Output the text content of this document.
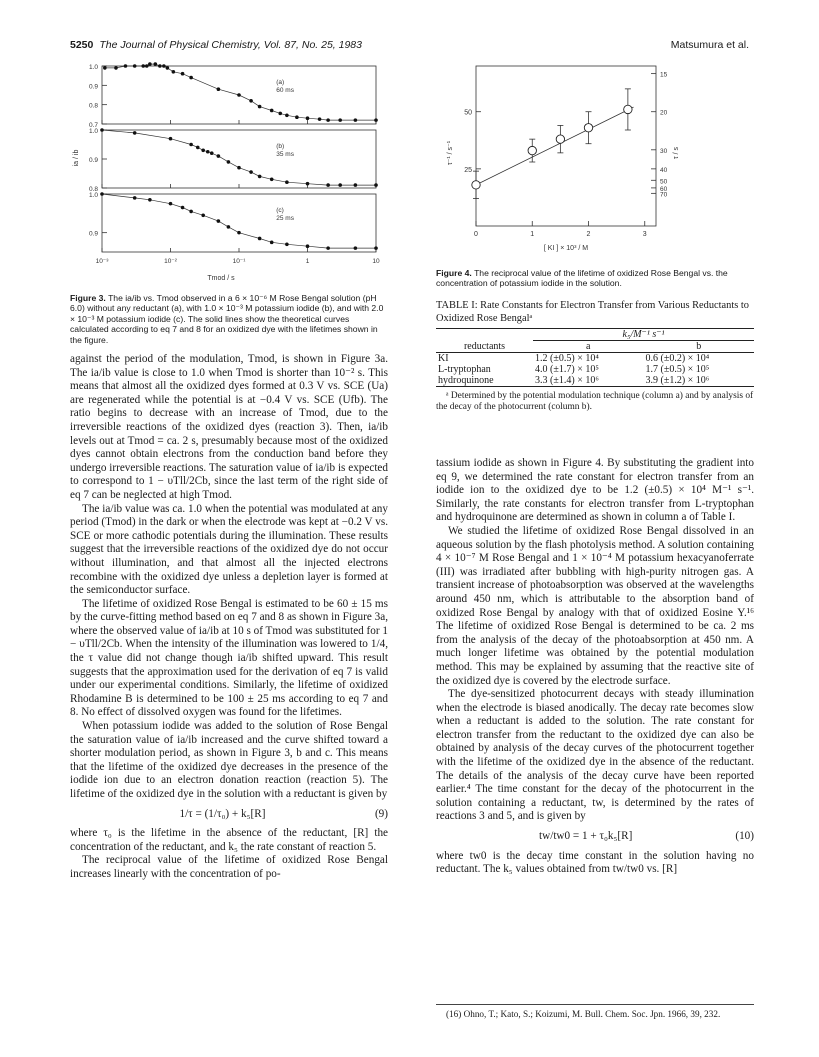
5250 The Journal of Physical Chemistry, Vol. 87, No. 25, 1983	Matsumura et al.
1.0
0.9
0.8
0.7
(a)
60 ms
1.0
0.9
0.8
(b)
35 ms
1.0
0.9
(c)
25 ms
10⁻³	10⁻²	10⁻¹	1	10
Tmod / s
ia / ib
0	1	2	3
25
50
15
20
30
40
50
60
70
[ KI ] × 10³ / M
τ⁻¹ / s⁻¹	τ / s
Figure 3. The ia/ib vs. Tmod observed in a 6 × 10⁻⁶ M Rose Bengal solution (pH 6.0) without any reductant (a), with 1.0 × 10⁻³ M potassium iodide (b), and with 2.0 × 10⁻³ M potassium iodide (c). The solid lines show the theoretical curves calculated according to eq 7 and 8 for an oxidized dye with the lifetimes shown in the figure.
Figure 4. The reciprocal value of the lifetime of oxidized Rose Bengal vs. the concentration of potassium iodide in the solution.
TABLE I: Rate Constants for Electron Transfer from Various Reductants to Oxidized Rose Bengalᵃ
	k₅/M⁻¹ s⁻¹	
reductants	a	b
KI	1.2 (±0.5) × 10⁴	0.6 (±0.2) × 10⁴
L-tryptophan	4.0 (±1.7) × 10⁵	1.7 (±0.5) × 10⁵
hydroquinone	3.3 (±1.4) × 10⁶	3.9 (±1.2) × 10⁶
ᵃ Determined by the potential modulation technique (column a) and by analysis of the decay of the photocurrent (column b).

against the period of the modulation, Tmod, is shown in Figure 3a. The ia/ib value is close to 1.0 when Tmod is shorter than 10⁻² s. This means that almost all the oxidized dyes formed at 0.3 V vs. SCE (Ua) are regenerated while the potential is at −0.4 V vs. SCE (Ufb). The ratio begins to decrease with an increase of Tmod, due to the irreversible reactions of the oxidized dyes (reaction 3). Then, ia/ib levels out at Tmod = ca. 2 s, presumably because most of the oxidized dyes cannot obtain electrons from the conduction band before they undergo irreversible reactions. The saturation value of ia/ib is expected to correspond to 1 − υTll/2Cb, since the last term of the right side of eq 7 can be neglected at high Tmod.

The ia/ib value was ca. 1.0 when the potential was modulated at any period (Tmod) in the dark or when the electrode was kept at −0.2 V vs. SCE or more cathodic potentials during the illumination. These results suggest that the irreversible reactions of the oxidized dye do not occur without illumination, and that almost all the injected electrons recombine with the oxidized dye unless a depletion layer is formed at the semiconductor surface.

The lifetime of oxidized Rose Bengal is estimated to be 60 ± 15 ms by the curve-fitting method based on eq 7 and 8 as shown in Figure 3a, where the observed value of ia/ib at 10 s of Tmod was substituted for 1 − υTll/2Cb. When the intensity of the illumination was lowered to 1/4, the τ value did not change though ia/ib shifted upward. This result suggests that the approximation used for the derivation of eq 7 is valid under our experimental conditions. Similarly, the lifetime of oxidized Rhodamine B is determined to be 100 ± 25 ms according to eq 7 and 8. No effect of dissolved oxygen was found for the lifetimes.

When potassium iodide was added to the solution of Rose Bengal the saturation value of ia/ib increased and the curve shifted toward a shorter modulation period, as shown in Figure 3, b and c. This means that the lifetime of the oxidized dye decreases in the presence of the iodide ion due to an electron donation reaction (reaction 5). The lifetime of the oxidized dye in the solution with a reductant is given by

1/τ = (1/τ₀) + k₅[R]	(9)

where τ₀ is the lifetime in the absence of the reductant, [R] the concentration of the reductant, and k₅ the rate constant of reaction 5.

The reciprocal value of the lifetime of oxidized Rose Bengal increases linearly with the concentration of po-

tassium iodide as shown in Figure 4. By substituting the gradient into eq 9, we determined the rate constant for electron transfer from an iodide ion to the oxidized dye to be 1.2 (±0.5) × 10⁴ M⁻¹ s⁻¹. Similarly, the rate constants for electron transfer from L-tryptophan and hydroquinone are determined as shown in column a of Table I.

We studied the lifetime of oxidized Rose Bengal dissolved in an aqueous solution by the flash photolysis method. A solution containing 4 × 10⁻⁷ M Rose Bengal and 1 × 10⁻⁴ M potassium hexacyanoferrate (III) was irradiated after bubbling with high-purity nitrogen gas. A transient increase of photoabsorption was observed at the wavelengths around 450 nm, which is attributable to the absorption band of oxidized Rose Bengal by analogy with that of oxidized Eosine Y.¹⁶ The lifetime of oxidized Rose Bengal is determined to be ca. 2 ms from the analysis of the decay of the photoabsorption at 450 nm. A much longer lifetime was obtained by the potential modulation method. This may be explained by assuming that the reactive site of the oxidized dye is covered by the electrode surface.

The dye-sensitized photocurrent decays with steady illumination when the electrode is biased anodically. The decay rate becomes slow when a reductant is added to the solution. The rate constant for electron transfer from the reductant to the oxidized dye can also be obtained by analysis of the decay curves of the photocurrent together with the lifetime of the oxidized dye in the absence of the reductant. The details of the analysis of the decay curve have been reported earlier.⁴ The time constant for the decay of the photocurrent in the solution containing a reductant, tw, is determined by the rates of reactions 3 and 5, and is given by

tw/tw0 = 1 + τ₀k₅[R]	(10)

where tw0 is the decay time constant in the solution having no reductant. The k₅ values obtained from tw/tw0 vs. [R]

(16) Ohno, T.; Kato, S.; Koizumi, M. Bull. Chem. Soc. Jpn. 1966, 39, 232.
